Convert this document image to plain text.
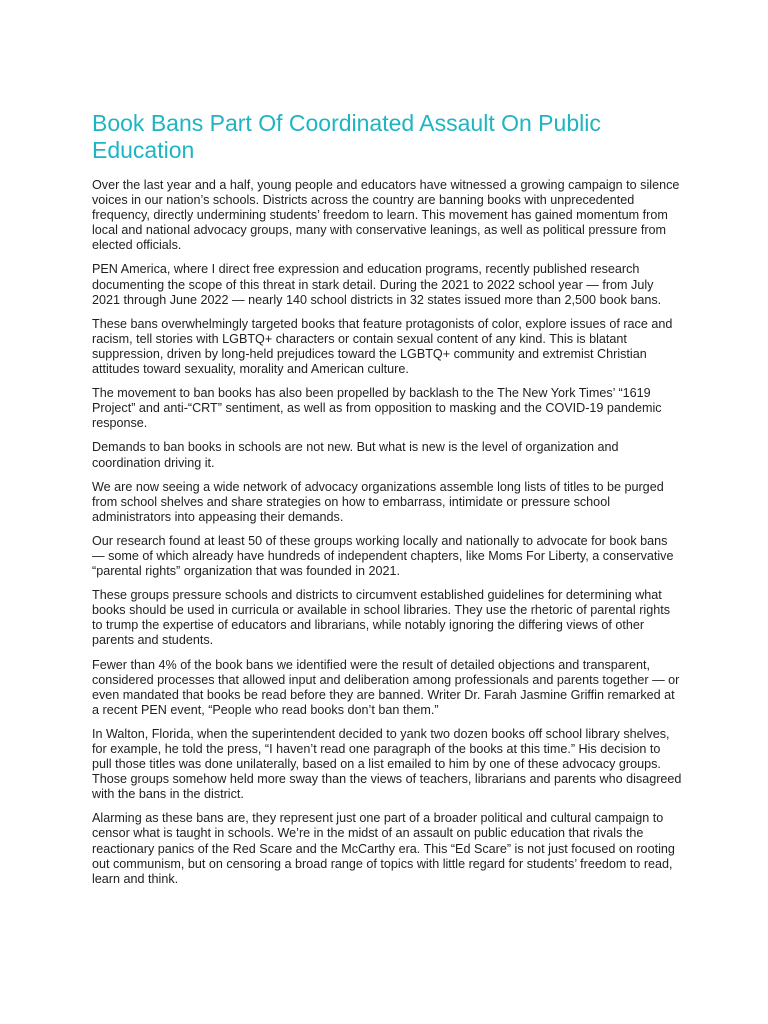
Book Bans Part Of Coordinated Assault On Public Education

Over the last year and a half, young people and educators have witnessed a growing campaign to silence voices in our nation’s schools. Districts across the country are banning books with unprecedented frequency, directly undermining students’ freedom to learn. This movement has gained momentum from local and national advocacy groups, many with conservative leanings, as well as political pressure from elected officials.

PEN America, where I direct free expression and education programs, recently published research documenting the scope of this threat in stark detail. During the 2021 to 2022 school year — from July 2021 through June 2022 — nearly 140 school districts in 32 states issued more than 2,500 book bans.

These bans overwhelmingly targeted books that feature protagonists of color, explore issues of race and racism, tell stories with LGBTQ+ characters or contain sexual content of any kind. This is blatant suppression, driven by long-held prejudices toward the LGBTQ+ community and extremist Christian attitudes toward sexuality, morality and American culture.

The movement to ban books has also been propelled by backlash to the The New York Times’ “1619 Project” and anti-“CRT” sentiment, as well as from opposition to masking and the COVID-19 pandemic response.

Demands to ban books in schools are not new. But what is new is the level of organization and coordination driving it.

We are now seeing a wide network of advocacy organizations assemble long lists of titles to be purged from school shelves and share strategies on how to embarrass, intimidate or pressure school administrators into appeasing their demands.

Our research found at least 50 of these groups working locally and nationally to advocate for book bans — some of which already have hundreds of independent chapters, like Moms For Liberty, a conservative “parental rights” organization that was founded in 2021.

These groups pressure schools and districts to circumvent established guidelines for determining what books should be used in curricula or available in school libraries. They use the rhetoric of parental rights to trump the expertise of educators and librarians, while notably ignoring the differing views of other parents and students.

Fewer than 4% of the book bans we identified were the result of detailed objections and transparent, considered processes that allowed input and deliberation among professionals and parents together — or even mandated that books be read before they are banned. Writer Dr. Farah Jasmine Griffin remarked at a recent PEN event, “People who read books don’t ban them.”

In Walton, Florida, when the superintendent decided to yank two dozen books off school library shelves, for example, he told the press, “I haven’t read one paragraph of the books at this time.” His decision to pull those titles was done unilaterally, based on a list emailed to him by one of these advocacy groups. Those groups somehow held more sway than the views of teachers, librarians and parents who disagreed with the bans in the district.

Alarming as these bans are, they represent just one part of a broader political and cultural campaign to censor what is taught in schools. We’re in the midst of an assault on public education that rivals the reactionary panics of the Red Scare and the McCarthy era. This “Ed Scare” is not just focused on rooting out communism, but on censoring a broad range of topics with little regard for students’ freedom to read, learn and think.
